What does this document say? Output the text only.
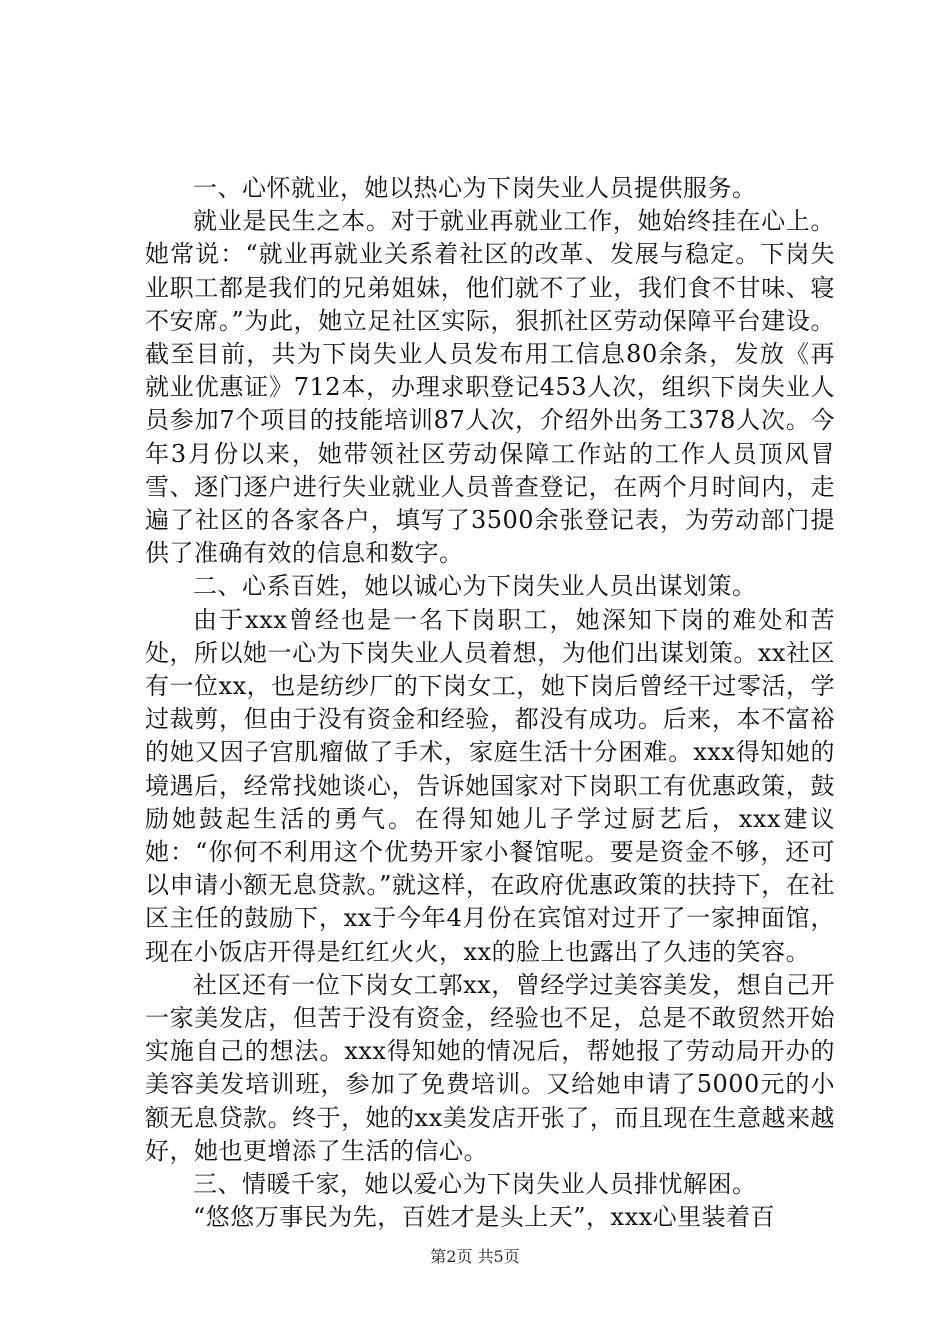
一、心怀就业，她以热心为下岗失业人员提供服务。

就业是民生之本。对于就业再就业工作，她始终挂在心上。她常说：“就业再就业关系着社区的改革、发展与稳定。下岗失业职工都是我们的兄弟姐妹，他们就不了业，我们食不甘味、寝不安席。”为此，她立足社区实际，狠抓社区劳动保障平台建设。截至目前，共为下岗失业人员发布用工信息80余条，发放《再就业优惠证》712本，办理求职登记453人次，组织下岗失业人员参加7个项目的技能培训87人次，介绍外出务工378人次。今年3月份以来，她带领社区劳动保障工作站的工作人员顶风冒雪、逐门逐户进行失业就业人员普查登记，在两个月时间内，走遍了社区的各家各户，填写了3500余张登记表，为劳动部门提供了准确有效的信息和数字。

二、心系百姓，她以诚心为下岗失业人员出谋划策。

由于xxx曾经也是一名下岗职工，她深知下岗的难处和苦处，所以她一心为下岗失业人员着想，为他们出谋划策。xx社区有一位xx，也是纺纱厂的下岗女工，她下岗后曾经干过零活，学过裁剪，但由于没有资金和经验，都没有成功。后来，本不富裕的她又因子宫肌瘤做了手术，家庭生活十分困难。xxx得知她的境遇后，经常找她谈心，告诉她国家对下岗职工有优惠政策，鼓励她鼓起生活的勇气。在得知她儿子学过厨艺后，xxx建议她：“你何不利用这个优势开家小餐馆呢。要是资金不够，还可以申请小额无息贷款。”就这样，在政府优惠政策的扶持下，在社区主任的鼓励下，xx于今年4月份在宾馆对过开了一家抻面馆，现在小饭店开得是红红火火，xx的脸上也露出了久违的笑容。

社区还有一位下岗女工郭xx，曾经学过美容美发，想自己开一家美发店，但苦于没有资金，经验也不足，总是不敢贸然开始实施自己的想法。xxx得知她的情况后，帮她报了劳动局开办的美容美发培训班，参加了免费培训。又给她申请了5000元的小额无息贷款。终于，她的xx美发店开张了，而且现在生意越来越好，她也更增添了生活的信心。

三、情暖千家，她以爱心为下岗失业人员排忧解困。

“悠悠万事民为先，百姓才是头上天”，xxx心里装着百

第2页 共5页
